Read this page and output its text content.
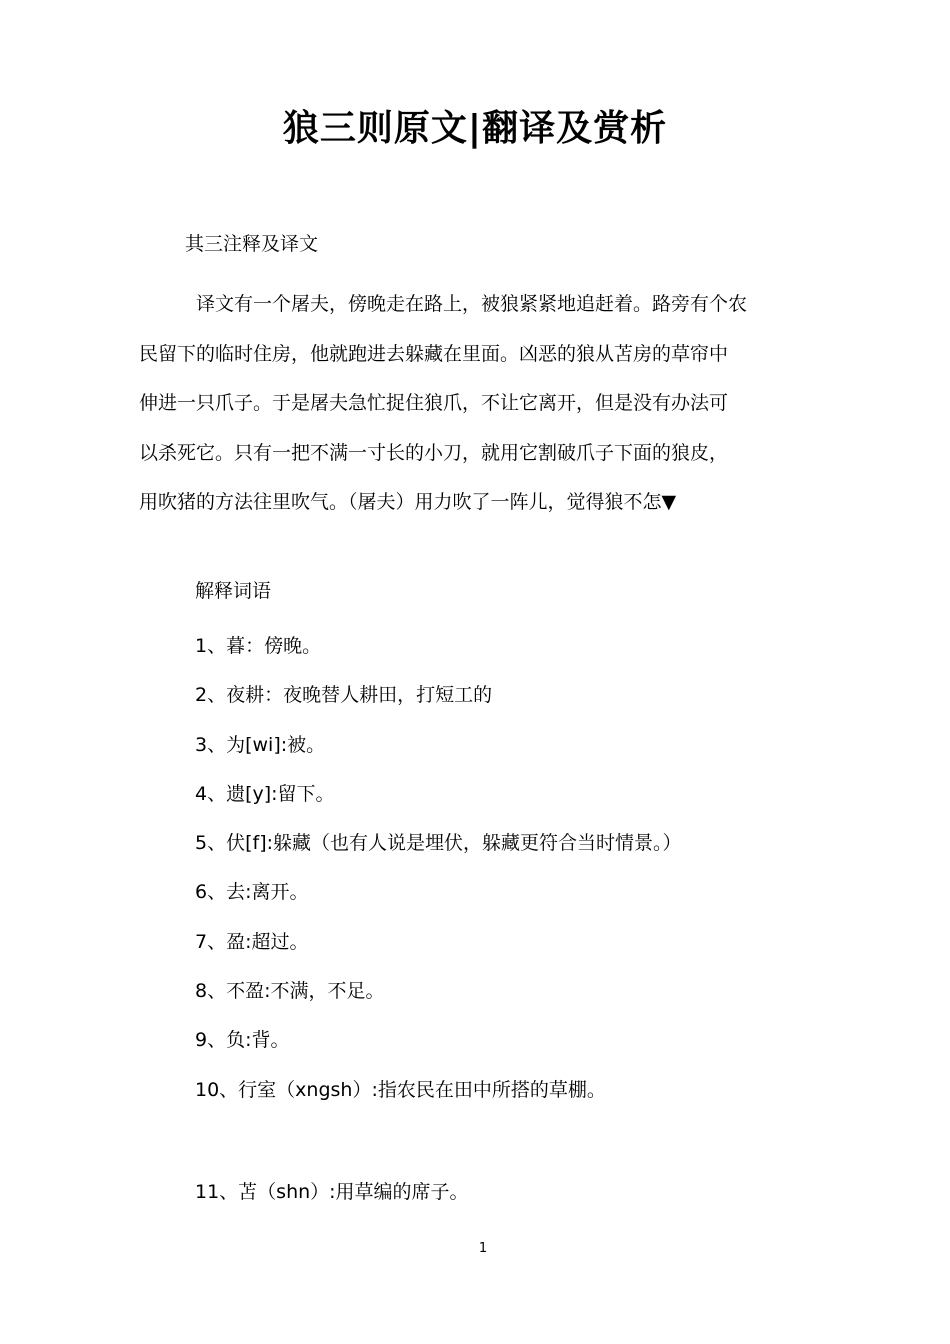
狼三则原文|翻译及赏析
其三注释及译文
译文有一个屠夫，傍晚走在路上，被狼紧紧地追赶着。路旁有个农
民留下的临时住房，他就跑进去躲藏在里面。凶恶的狼从苫房的草帘中
伸进一只爪子。于是屠夫急忙捉住狼爪，不让它离开，但是没有办法可
以杀死它。只有一把不满一寸长的小刀，就用它割破爪子下面的狼皮，
用吹猪的方法往里吹气。（屠夫）用力吹了一阵儿，觉得狼不怎▼
解释词语
1、暮：傍晚。
2、夜耕：夜晚替人耕田，打短工的
3、为[wi]:被。
4、遗[y]:留下。
5、伏[f]:躲藏（也有人说是埋伏，躲藏更符合当时情景。）
6、去:离开。
7、盈:超过。
8、不盈:不满，不足。
9、负:背。
10、行室（xngsh）:指农民在田中所搭的草棚。
11、苫（shn）:用草编的席子。
1
